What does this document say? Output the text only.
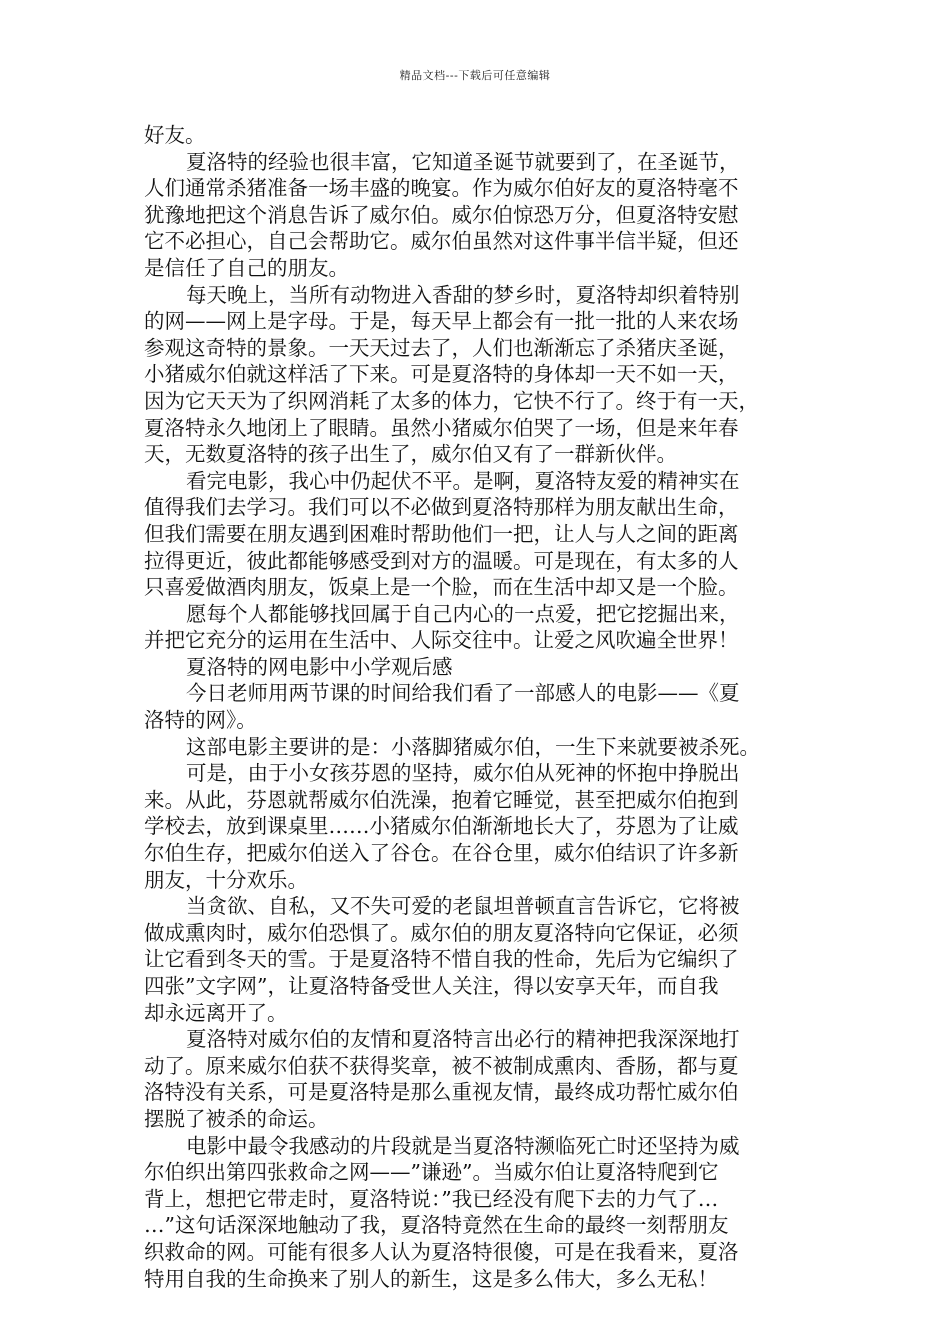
精品文档---下载后可任意编辑
好友。
夏洛特的经验也很丰富，它知道圣诞节就要到了，在圣诞节，
人们通常杀猪准备一场丰盛的晚宴。作为威尔伯好友的夏洛特毫不
犹豫地把这个消息告诉了威尔伯。威尔伯惊恐万分，但夏洛特安慰
它不必担心，自己会帮助它。威尔伯虽然对这件事半信半疑，但还
是信任了自己的朋友。
每天晚上，当所有动物进入香甜的梦乡时，夏洛特却织着特别
的网——网上是字母。于是，每天早上都会有一批一批的人来农场
参观这奇特的景象。一天天过去了，人们也渐渐忘了杀猪庆圣诞，
小猪威尔伯就这样活了下来。可是夏洛特的身体却一天不如一天，
因为它天天为了织网消耗了太多的体力，它快不行了。终于有一天，
夏洛特永久地闭上了眼睛。虽然小猪威尔伯哭了一场，但是来年春
天，无数夏洛特的孩子出生了，威尔伯又有了一群新伙伴。
看完电影，我心中仍起伏不平。是啊，夏洛特友爱的精神实在
值得我们去学习。我们可以不必做到夏洛特那样为朋友献出生命，
但我们需要在朋友遇到困难时帮助他们一把，让人与人之间的距离
拉得更近，彼此都能够感受到对方的温暖。可是现在，有太多的人
只喜爱做酒肉朋友，饭桌上是一个脸，而在生活中却又是一个脸。
愿每个人都能够找回属于自己内心的一点爱，把它挖掘出来，
并把它充分的运用在生活中、人际交往中。让爱之风吹遍全世界！
夏洛特的网电影中小学观后感
今日老师用两节课的时间给我们看了一部感人的电影——《夏
洛特的网》。
这部电影主要讲的是：小落脚猪威尔伯，一生下来就要被杀死。
可是，由于小女孩芬恩的坚持，威尔伯从死神的怀抱中挣脱出
来。从此，芬恩就帮威尔伯洗澡，抱着它睡觉，甚至把威尔伯抱到
学校去，放到课桌里……小猪威尔伯渐渐地长大了，芬恩为了让威
尔伯生存，把威尔伯送入了谷仓。在谷仓里，威尔伯结识了许多新
朋友，十分欢乐。
当贪欲、自私，又不失可爱的老鼠坦普顿直言告诉它，它将被
做成熏肉时，威尔伯恐惧了。威尔伯的朋友夏洛特向它保证，必须
让它看到冬天的雪。于是夏洛特不惜自我的性命，先后为它编织了
四张”文字网”，让夏洛特备受世人关注，得以安享天年，而自我
却永远离开了。
夏洛特对威尔伯的友情和夏洛特言出必行的精神把我深深地打
动了。原来威尔伯获不获得奖章，被不被制成熏肉、香肠，都与夏
洛特没有关系，可是夏洛特是那么重视友情，最终成功帮忙威尔伯
摆脱了被杀的命运。
电影中最令我感动的片段就是当夏洛特濒临死亡时还坚持为威
尔伯织出第四张救命之网——”谦逊”。当威尔伯让夏洛特爬到它
背上，想把它带走时，夏洛特说：”我已经没有爬下去的力气了…
…”这句话深深地触动了我，夏洛特竟然在生命的最终一刻帮朋友
织救命的网。可能有很多人认为夏洛特很傻，可是在我看来，夏洛
特用自我的生命换来了别人的新生，这是多么伟大，多么无私！
